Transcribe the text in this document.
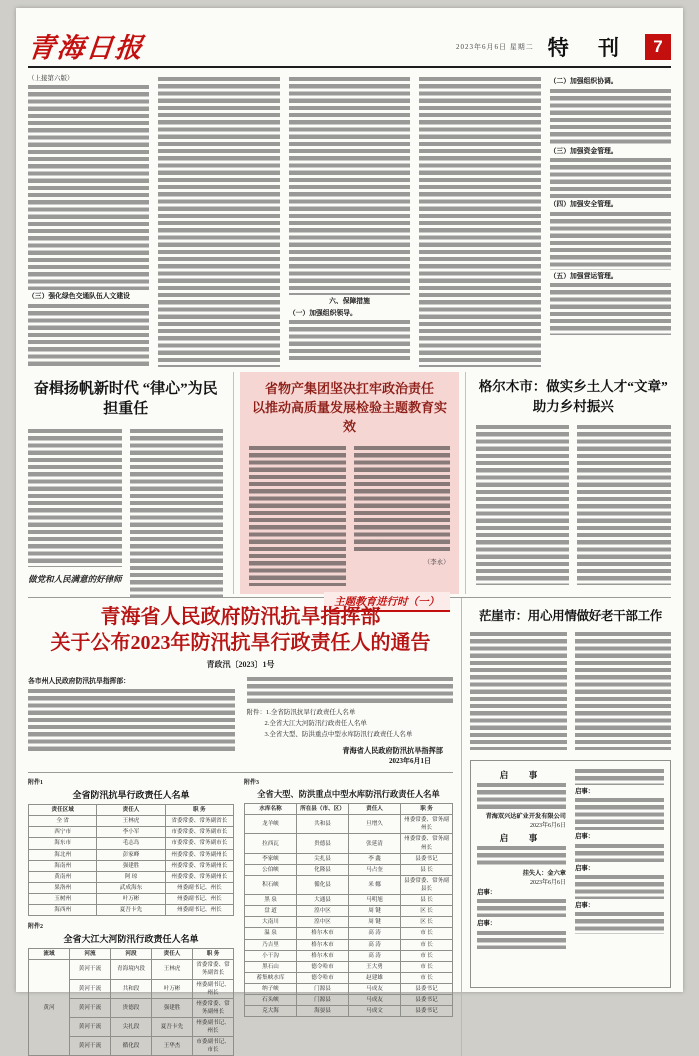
青海日报	2023年6月6日 星期二 特 刊	7
（上接第六版）
（三）强化绿色交通队伍人文建设
六、保障措施
（一）加强组织领导。
（二）加强组织协调。
（三）加强资金管理。
（四）加强安全管理。
（五）加强营运管理。
奋楫扬帆新时代 “律心”为民担重任
做党和人民满意的好律师
省物产集团坚决扛牢政治责任
以推动高质量发展检验主题教育实效
（李永）
主题教育进行时（一）
格尔木市：做实乡土人才“文章”
助力乡村振兴
青海省人民政府防汛抗旱指挥部
关于公布2023年防汛抗旱行政责任人的通告
青政汛〔2023〕1号
各市州人民政府防汛抗旱指挥部：
附件：1.全省防汛抗旱行政责任人名单
2.全省大江大河防汛行政责任人名单
3.全省大型、防洪重点中型水库防汛行政责任人名单
青海省人民政府防汛抗旱指挥部
2023年6月1日
附件1
全省防汛抗旱行政责任人名单
责任区域	责任人	职 务
全 省	王林虎	省委常委、常务副省长
西宁市	李小军	市委常委、常务副市长
海东市	毛志岛	市委常委、常务副市长
海北州	彭家峰	州委常委、常务副州长
海南州	强建胜	州委常委、常务副州长
黄南州	阿 琼	州委常委、常务副州长
果洛州	武成海东	州委副书记、州长
玉树州	叶万彬	州委副书记、州长
海西州	夏吾卡先	州委副书记、州长
附件2
全省大江大河防汛行政责任人名单
流域	河流	河段	责任人	职 务
黄河	黄河干流	青海境内段	王林虎	省委常委、常务副省长
	黄河干流	共和段	叶万彬	州委副书记、州长
	黄河干流	贵德段	强建胜	州委常委、常务副州长
	黄河干流	尖扎段	夏吾卡先	州委副书记、州长
	黄河干流	循化段	王华杰	市委副书记、市长
附件3
全省大型、防洪重点中型水库防汛行政责任人名单
水库名称	所在县（市、区）	责任人	职 务
龙羊峡	共和县	旦增久	州委常委、常务副州长
拉西瓦	贵德县	张延清	州委常委、常务副州长
李家峡	尖扎县	李 鑫	县委书记
公伯峡	化隆县	马占奎	县 长
积石峡	循化县	米 娜	县委常委、常务副县长
黑 泉	大通县	马明旭	县 长
盘 道	湟中区	周 键	区 长
大南川	湟中区	周 键	区 长
温 泉	格尔木市	高 涛	市 长
乃吉里	格尔木市	高 涛	市 长
小干沟	格尔木市	高 涛	市 长
黑石山	德令哈市	王大勇	市 长
蓄集峡水库	德令哈市	赵建雄	市 长
纳子峡	门源县	马成友	县委书记
石头峡	门源县	马成友	县委书记
克大海	海晏县	马成文	县委书记
茫崖市：用心用情做好老干部工作
启　事
青海双兴达矿业开发有限公司
2023年6月6日
启　事
挂失人：金六章
2023年6月6日
启事：
启事：
启事：
启事：
启事：
启事：
